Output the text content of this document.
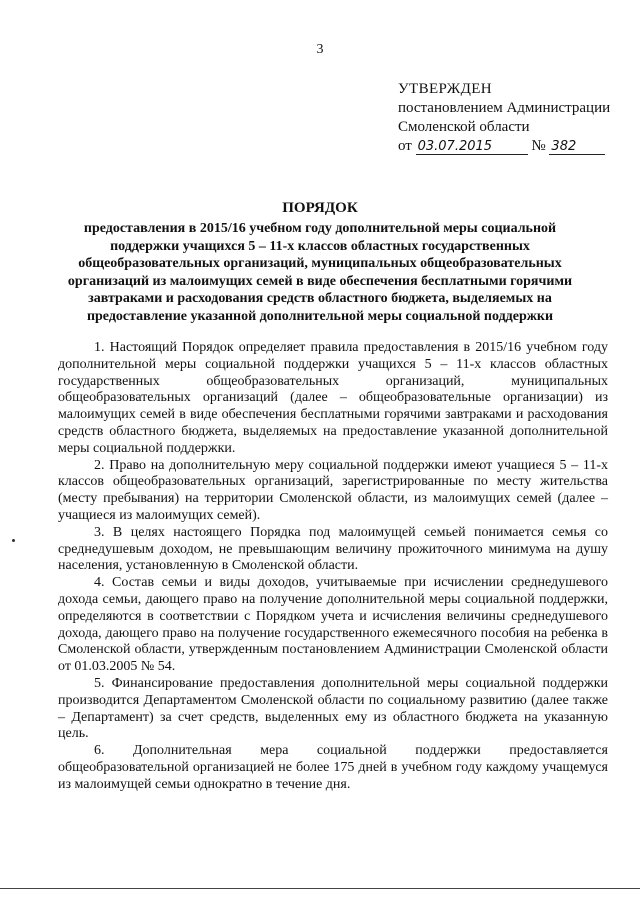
3
УТВЕРЖДЕН
постановлением Администрации
Смоленской области
от 03.07.2015	№ 382
ПОРЯДОК
предоставления в 2015/16 учебном году дополнительной меры социальной поддержки учащихся 5 – 11-х классов областных государственных общеобразовательных организаций, муниципальных общеобразовательных организаций из малоимущих семей в виде обеспечения бесплатными горячими завтраками и расходования средств областного бюджета, выделяемых на предоставление указанной дополнительной меры социальной поддержки

1. Настоящий Порядок определяет правила предоставления в 2015/16 учебном году дополнительной меры социальной поддержки учащихся 5 – 11-х классов областных государственных общеобразовательных организаций, муниципальных общеобразовательных организаций (далее – общеобразовательные организации) из малоимущих семей в виде обеспечения бесплатными горячими завтраками и расходования средств областного бюджета, выделяемых на предоставление указанной дополнительной меры социальной поддержки.

2. Право на дополнительную меру социальной поддержки имеют учащиеся 5 – 11-х классов общеобразовательных организаций, зарегистрированные по месту жительства (месту пребывания) на территории Смоленской области, из малоимущих семей (далее – учащиеся из малоимущих семей).

3. В целях настоящего Порядка под малоимущей семьей понимается семья со среднедушевым доходом, не превышающим величину прожиточного минимума на душу населения, установленную в Смоленской области.

4. Состав семьи и виды доходов, учитываемые при исчислении среднедушевого дохода семьи, дающего право на получение дополнительной меры социальной поддержки, определяются в соответствии с Порядком учета и исчисления величины среднедушевого дохода, дающего право на получение государственного ежемесячного пособия на ребенка в Смоленской области, утвержденным постановлением Администрации Смоленской области от 01.03.2005 № 54.

5. Финансирование предоставления дополнительной меры социальной поддержки производится Департаментом Смоленской области по социальному развитию (далее также – Департамент) за счет средств, выделенных ему из областного бюджета на указанную цель.

6. Дополнительная мера социальной поддержки предоставляется общеобразовательной организацией не более 175 дней в учебном году каждому учащемуся из малоимущей семьи однократно в течение дня.
